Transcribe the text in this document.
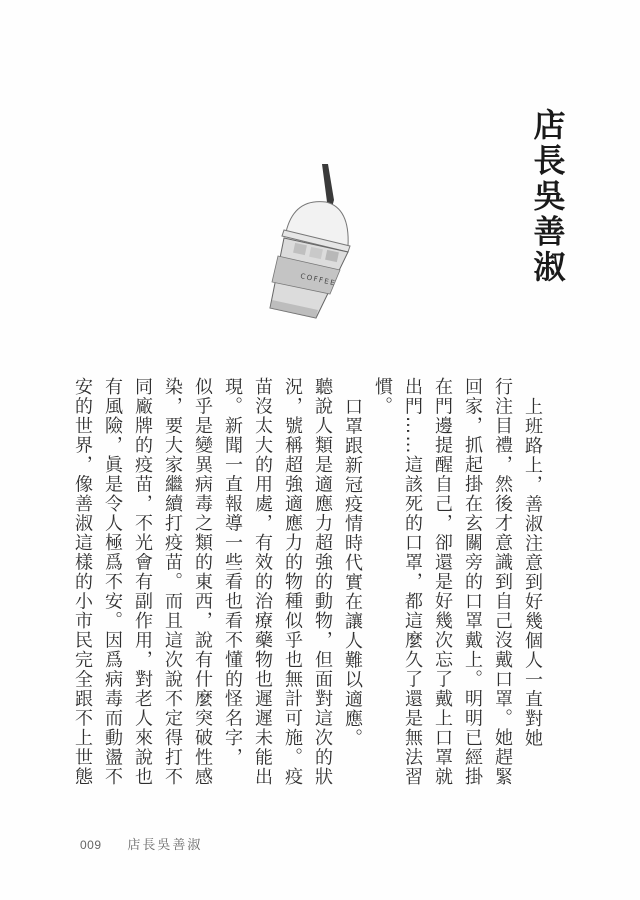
店長吳善淑
COFFEE
上班路上，善淑注意到好幾個人一直對她
行注目禮，然後才意識到自己沒戴口罩。她趕緊
回家，抓起掛在玄關旁的口罩戴上。明明已經掛
在門邊提醒自己，卻還是好幾次忘了戴上口罩就
出門……這該死的口罩，都這麼久了還是無法習
慣。
口罩跟新冠疫情時代實在讓人難以適應。
聽說人類是適應力超強的動物，但面對這次的狀
況，號稱超強適應力的物種似乎也無計可施。疫
苗沒太大的用處，有效的治療藥物也遲遲未能出
現。新聞一直報導一些看也看不懂的怪名字，
似乎是變異病毒之類的東西，說有什麼突破性感
染，要大家繼續打疫苗。而且這次說不定得打不
同廠牌的疫苗，不光會有副作用，對老人來說也
有風險，眞是令人極爲不安。因爲病毒而動盪不
安的世界，像善淑這樣的小市民完全跟不上世態
009 店長吳善淑
